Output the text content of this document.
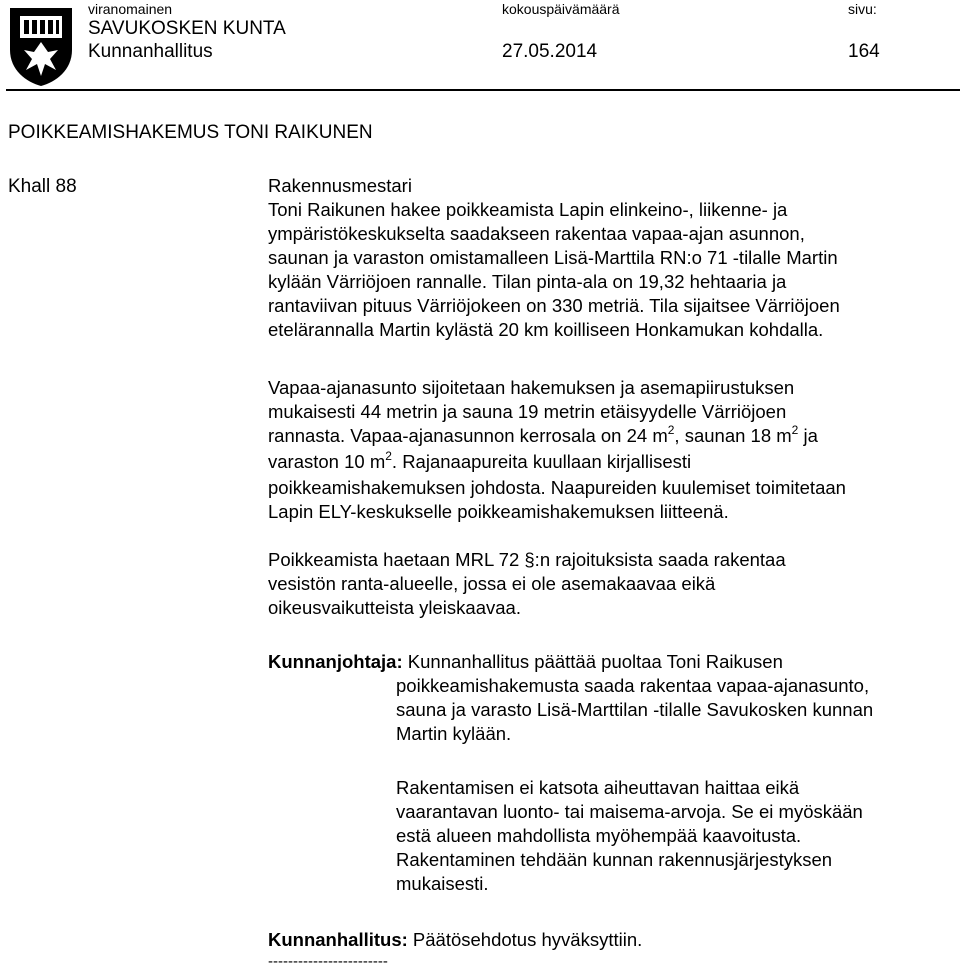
viranomainen	kokouspäivämäärä	sivu:
SAVUKOSKEN KUNTA
Kunnanhallitus	27.05.2014	164
POIKKEAMISHAKEMUS TONI RAIKUNEN
Khall 88	Rakennusmestari
Toni Raikunen hakee poikkeamista Lapin elinkeino-, liikenne- ja
ympäristökeskukselta saadakseen rakentaa vapaa-ajan asunnon,
saunan ja varaston omistamalleen Lisä-Marttila RN:o 71 -tilalle Martin
kylään Värriöjoen rannalle. Tilan pinta-ala on 19,32 hehtaaria ja
rantaviivan pituus Värriöjokeen on 330 metriä. Tila sijaitsee Värriöjoen
etelärannalla Martin kylästä 20 km koilliseen Honkamukan kohdalla.
Vapaa-ajanasunto sijoitetaan hakemuksen ja asemapiirustuksen
mukaisesti 44 metrin ja sauna 19 metrin etäisyydelle Värriöjoen
rannasta. Vapaa-ajanasunnon kerrosala on 24 $m^2$, saunan 18 $m^2$ ja
varaston 10 $m^2$. Rajanaapureita kuullaan kirjallisesti
poikkeamishakemuksen johdosta. Naapureiden kuulemiset toimitetaan
Lapin ELY-keskukselle poikkeamishakemuksen liitteenä.
Poikkeamista haetaan MRL 72 §:n rajoituksista saada rakentaa
vesistön ranta-alueelle, jossa ei ole asemakaavaa eikä
oikeusvaikutteista yleiskaavaa.
Kunnanjohtaja: Kunnanhallitus päättää puoltaa Toni Raikusen
poikkeamishakemusta saada rakentaa vapaa-ajanasunto,
sauna ja varasto Lisä-Marttilan -tilalle Savukosken kunnan
Martin kylään.
Rakentamisen ei katsota aiheuttavan haittaa eikä
vaarantavan luonto- tai maisema-arvoja. Se ei myöskään
estä alueen mahdollista myöhempää kaavoitusta.
Rakentaminen tehdään kunnan rakennusjärjestyksen
mukaisesti.
Kunnanhallitus: Päätösehdotus hyväksyttiin.
------------------------
